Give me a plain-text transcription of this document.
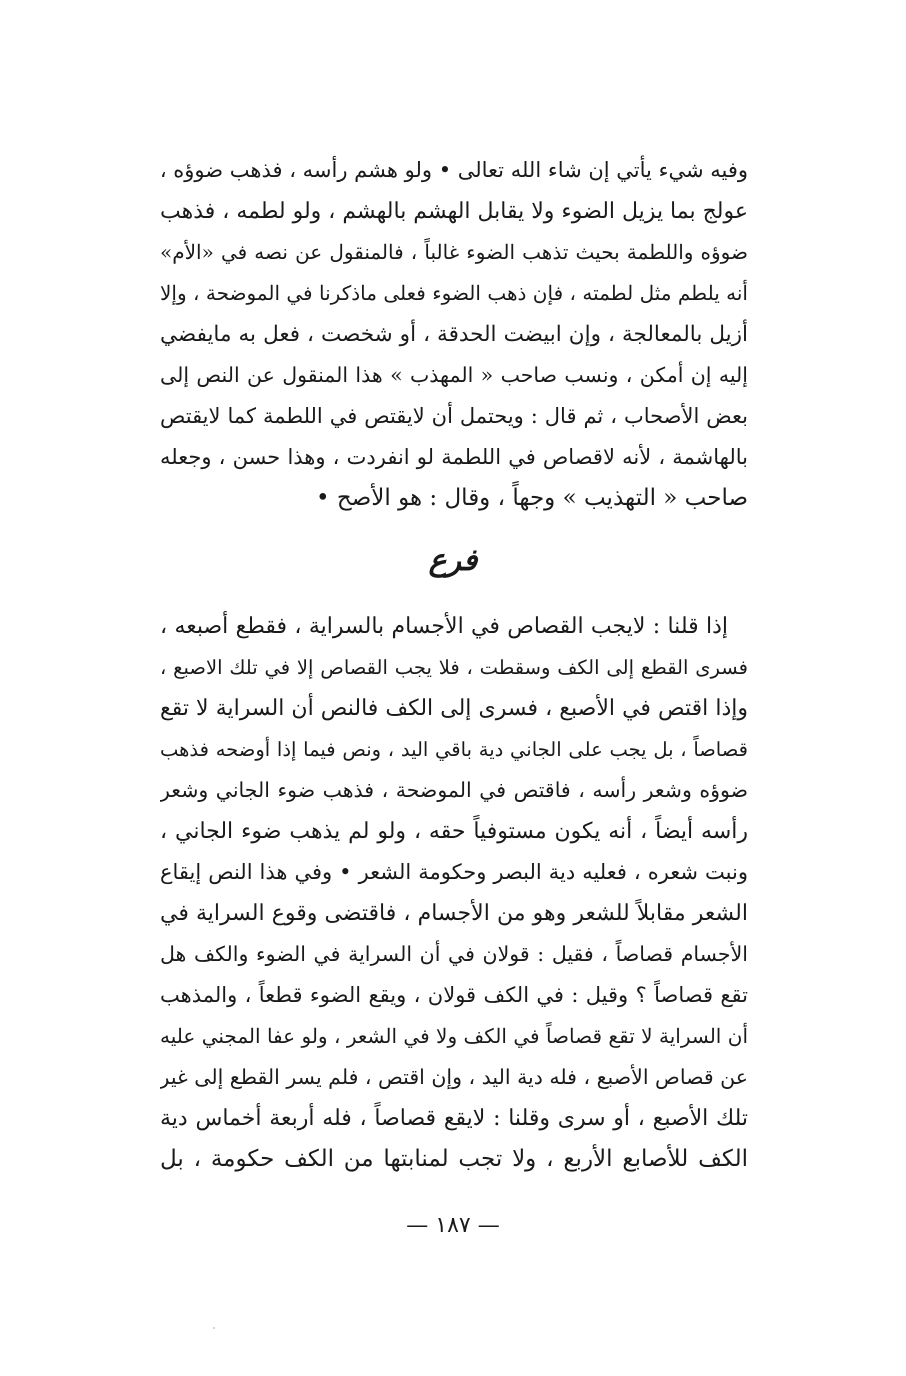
وفيه شيء يأتي إن شاء الله تعالى • ولو هشم رأسه ، فذهب ضوؤه ،
عولج بما يزيل الضوء ولا يقابل الهشم بالهشم ، ولو لطمه ، فذهب
ضوؤه واللطمة بحيث تذهب الضوء غالباً ، فالمنقول عن نصه في «الأم»
أنه يلطم مثل لطمته ، فإن ذهب الضوء فعلى ماذكرنا في الموضحة ، وإلا
أزيل بالمعالجة ، وإن ابيضت الحدقة ، أو شخصت ، فعل به مايفضي
إليه إن أمكن ، ونسب صاحب « المهذب » هذا المنقول عن النص إلى
بعض الأصحاب ، ثم قال : ويحتمل أن لايقتص في اللطمة كما لايقتص
بالهاشمة ، لأنه لاقصاص في اللطمة لو انفردت ، وهذا حسن ، وجعله
صاحب « التهذيب » وجهاً ، وقال : هو الأصح •
فرع
إذا قلنا : لايجب القصاص في الأجسام بالسراية ، فقطع أصبعه ،
فسرى القطع إلى الكف وسقطت ، فلا يجب القصاص إلا في تلك الاصبع ،
وإذا اقتص في الأصبع ، فسرى إلى الكف فالنص أن السراية لا تقع
قصاصاً ، بل يجب على الجاني دية باقي اليد ، ونص فيما إذا أوضحه فذهب
ضوؤه وشعر رأسه ، فاقتص في الموضحة ، فذهب ضوء الجاني وشعر
رأسه أيضاً ، أنه يكون مستوفياً حقه ، ولو لم يذهب ضوء الجاني ،
ونبت شعره ، فعليه دية البصر وحكومة الشعر • وفي هذا النص إيقاع
الشعر مقابلاً للشعر وهو من الأجسام ، فاقتضى وقوع السراية في
الأجسام قصاصاً ، فقيل : قولان في أن السراية في الضوء والكف هل
تقع قصاصاً ؟ وقيل : في الكف قولان ، ويقع الضوء قطعاً ، والمذهب
أن السراية لا تقع قصاصاً في الكف ولا في الشعر ، ولو عفا المجني عليه
عن قصاص الأصبع ، فله دية اليد ، وإن اقتص ، فلم يسر القطع إلى غير
تلك الأصبع ، أو سرى وقلنا : لايقع قصاصاً ، فله أربعة أخماس دية
الكف للأصابع الأربع ، ولا تجب لمنابتها من الكف حكومة ، بل
— ١٨٧ —
